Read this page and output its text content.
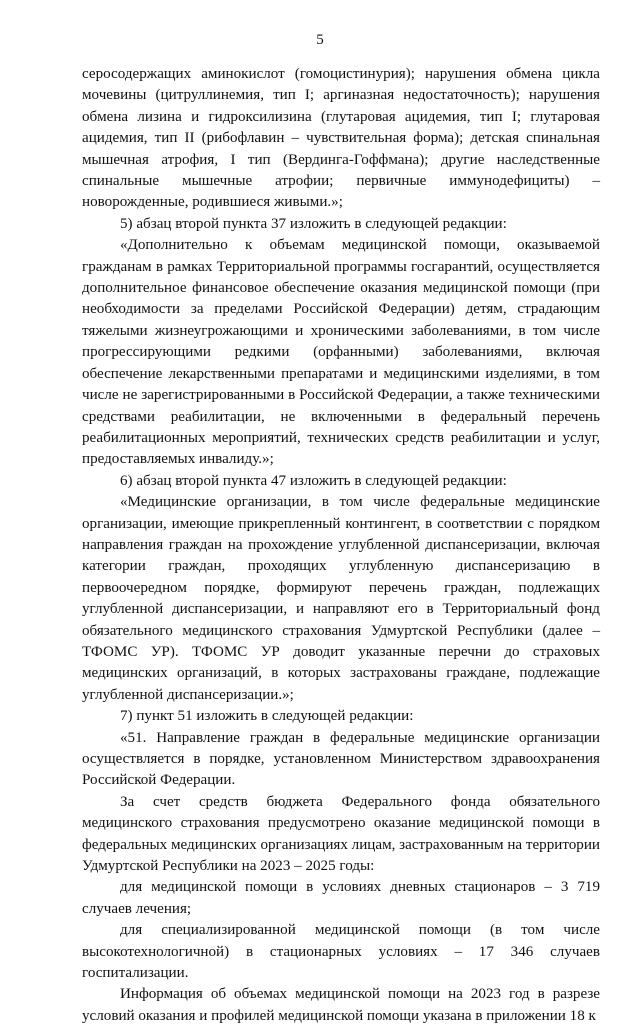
5

серосодержащих аминокислот (гомоцистинурия); нарушения обмена цикла мочевины (цитруллинемия, тип I; аргиназная недостаточность); нарушения обмена лизина и гидроксилизина (глутаровая ацидемия, тип I; глутаровая ацидемия, тип II (рибофлавин – чувствительная форма); детская спинальная мышечная атрофия, I тип (Вердинга-Гоффмана); другие наследственные спинальные мышечные атрофии; первичные иммунодефициты) – новорожденные, родившиеся живыми.»;

5) абзац второй пункта 37 изложить в следующей редакции:

«Дополнительно к объемам медицинской помощи, оказываемой гражданам в рамках Территориальной программы госгарантий, осуществляется дополнительное финансовое обеспечение оказания медицинской помощи (при необходимости за пределами Российской Федерации) детям, страдающим тяжелыми жизнеугрожающими и хроническими заболеваниями, в том числе прогрессирующими редкими (орфанными) заболеваниями, включая обеспечение лекарственными препаратами и медицинскими изделиями, в том числе не зарегистрированными в Российской Федерации, а также техническими средствами реабилитации, не включенными в федеральный перечень реабилитационных мероприятий, технических средств реабилитации и услуг, предоставляемых инвалиду.»;

6) абзац второй пункта 47 изложить в следующей редакции:

«Медицинские организации, в том числе федеральные медицинские организации, имеющие прикрепленный контингент, в соответствии с порядком направления граждан на прохождение углубленной диспансеризации, включая категории граждан, проходящих углубленную диспансеризацию в первоочередном порядке, формируют перечень граждан, подлежащих углубленной диспансеризации, и направляют его в Территориальный фонд обязательного медицинского страхования Удмуртской Республики (далее – ТФОМС УР). ТФОМС УР доводит указанные перечни до страховых медицинских организаций, в которых застрахованы граждане, подлежащие углубленной диспансеризации.»;

7) пункт 51 изложить в следующей редакции:

«51. Направление граждан в федеральные медицинские организации осуществляется в порядке, установленном Министерством здравоохранения Российской Федерации.

За счет средств бюджета Федерального фонда обязательного медицинского страхования предусмотрено оказание медицинской помощи в федеральных медицинских организациях лицам, застрахованным на территории Удмуртской Республики на 2023 – 2025 годы:

для медицинской помощи в условиях дневных стационаров – 3 719 случаев лечения;

для специализированной медицинской помощи (в том числе высокотехнологичной) в стационарных условиях – 17 346 случаев госпитализации.

Информация об объемах медицинской помощи на 2023 год в разрезе условий оказания и профилей медицинской помощи указана в приложении 18 к
